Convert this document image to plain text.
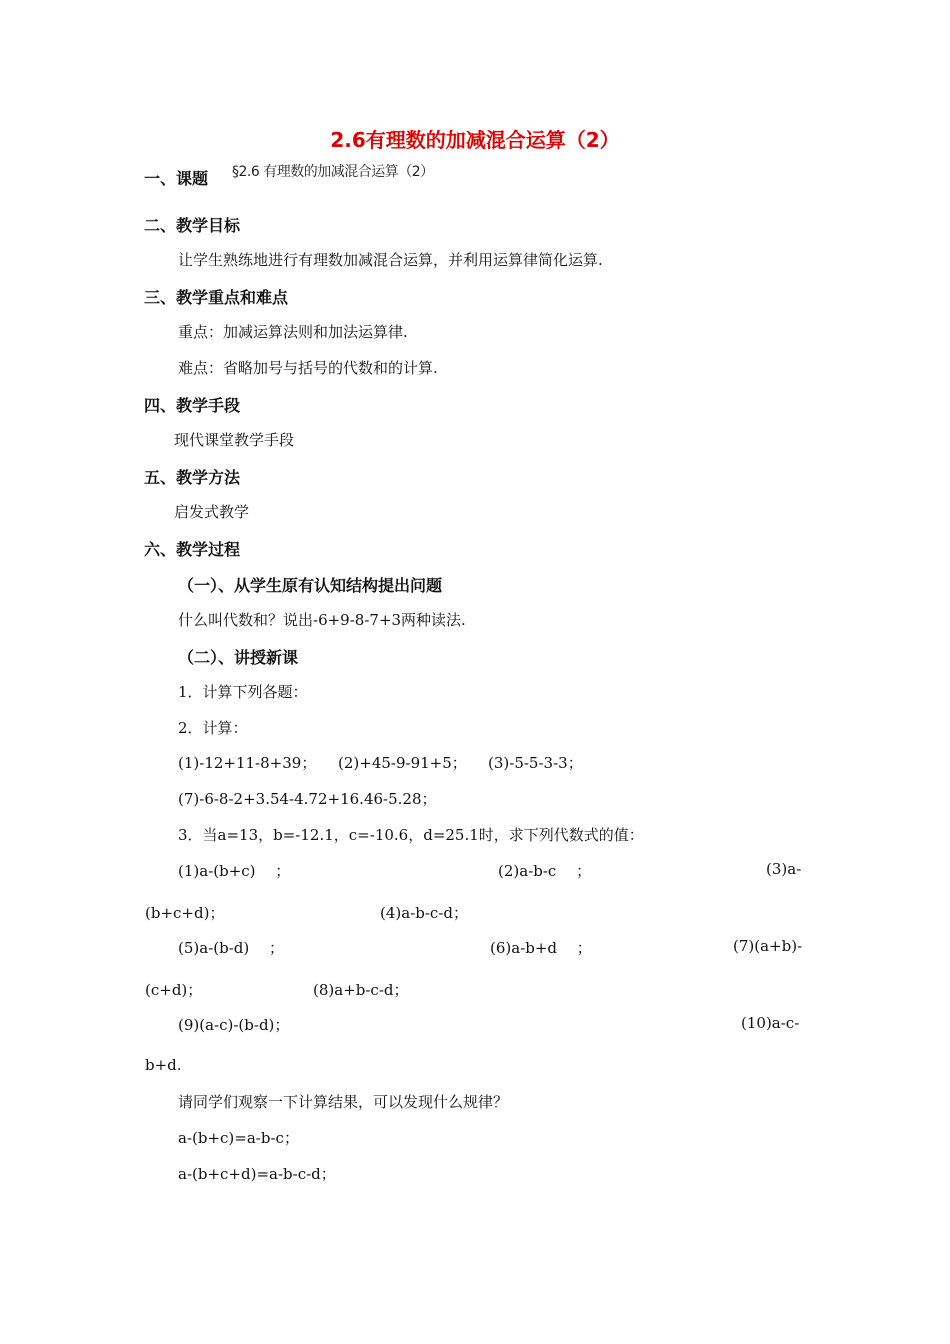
2.6有理数的加减混合运算（2）
一、课题 §2.6 有理数的加减混合运算（2）
二、教学目标
让学生熟练地进行有理数加减混合运算，并利用运算律简化运算.
三、教学重点和难点
重点：加减运算法则和加法运算律.
难点：省略加号与括号的代数和的计算.
四、教学手段
现代课堂教学手段
五、教学方法
启发式教学
六、教学过程
（一）、从学生原有认知结构提出问题
什么叫代数和？说出-6+9-8-7+3两种读法.
（二）、讲授新课
1．计算下列各题：
2．计算：
(1)-12+11-8+39； (2)+45-9-91+5； (3)-5-5-3-3；
(7)-6-8-2+3.54-4.72+16.46-5.28；
3．当a=13，b=-12.1，c=-10.6，d=25.1时，求下列代数式的值：
(1)a-(b+c)　 ；	(2)a-b-c　 ；	(3)a-
(b+c+d)；	(4)a-b-c-d；
(5)a-(b-d)　 ；	(6)a-b+d　 ；	(7)(a+b)-
(c+d)；	(8)a+b-c-d；
(9)(a-c)-(b-d)；	(10)a-c-
b+d.
请同学们观察一下计算结果，可以发现什么规律？
a-(b+c)=a-b-c；
a-(b+c+d)=a-b-c-d；
